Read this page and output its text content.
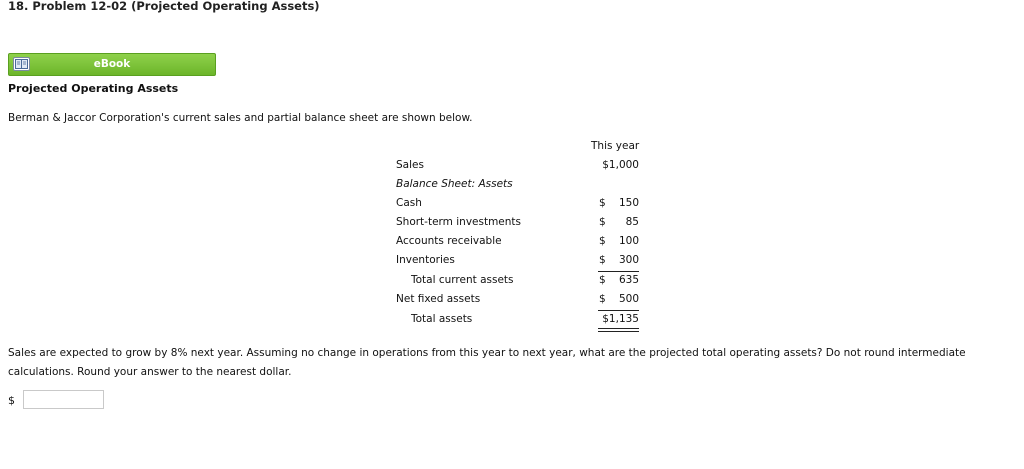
18. Problem 12-02 (Projected Operating Assets)
eBook
Projected Operating Assets

Berman & Jaccor Corporation's current sales and partial balance sheet are shown below.

This year
Sales	$1,000
Balance Sheet: Assets
Cash	$ 150
Short-term investments	$ 85
Accounts receivable	$ 100
Inventories	$ 300
Total current assets	$ 635
Net fixed assets	$ 500
Total assets	$1,135

Sales are expected to grow by 8% next year. Assuming no change in operations from this year to next year, what are the projected total operating assets? Do not round intermediate calculations. Round your answer to the nearest dollar.

$
